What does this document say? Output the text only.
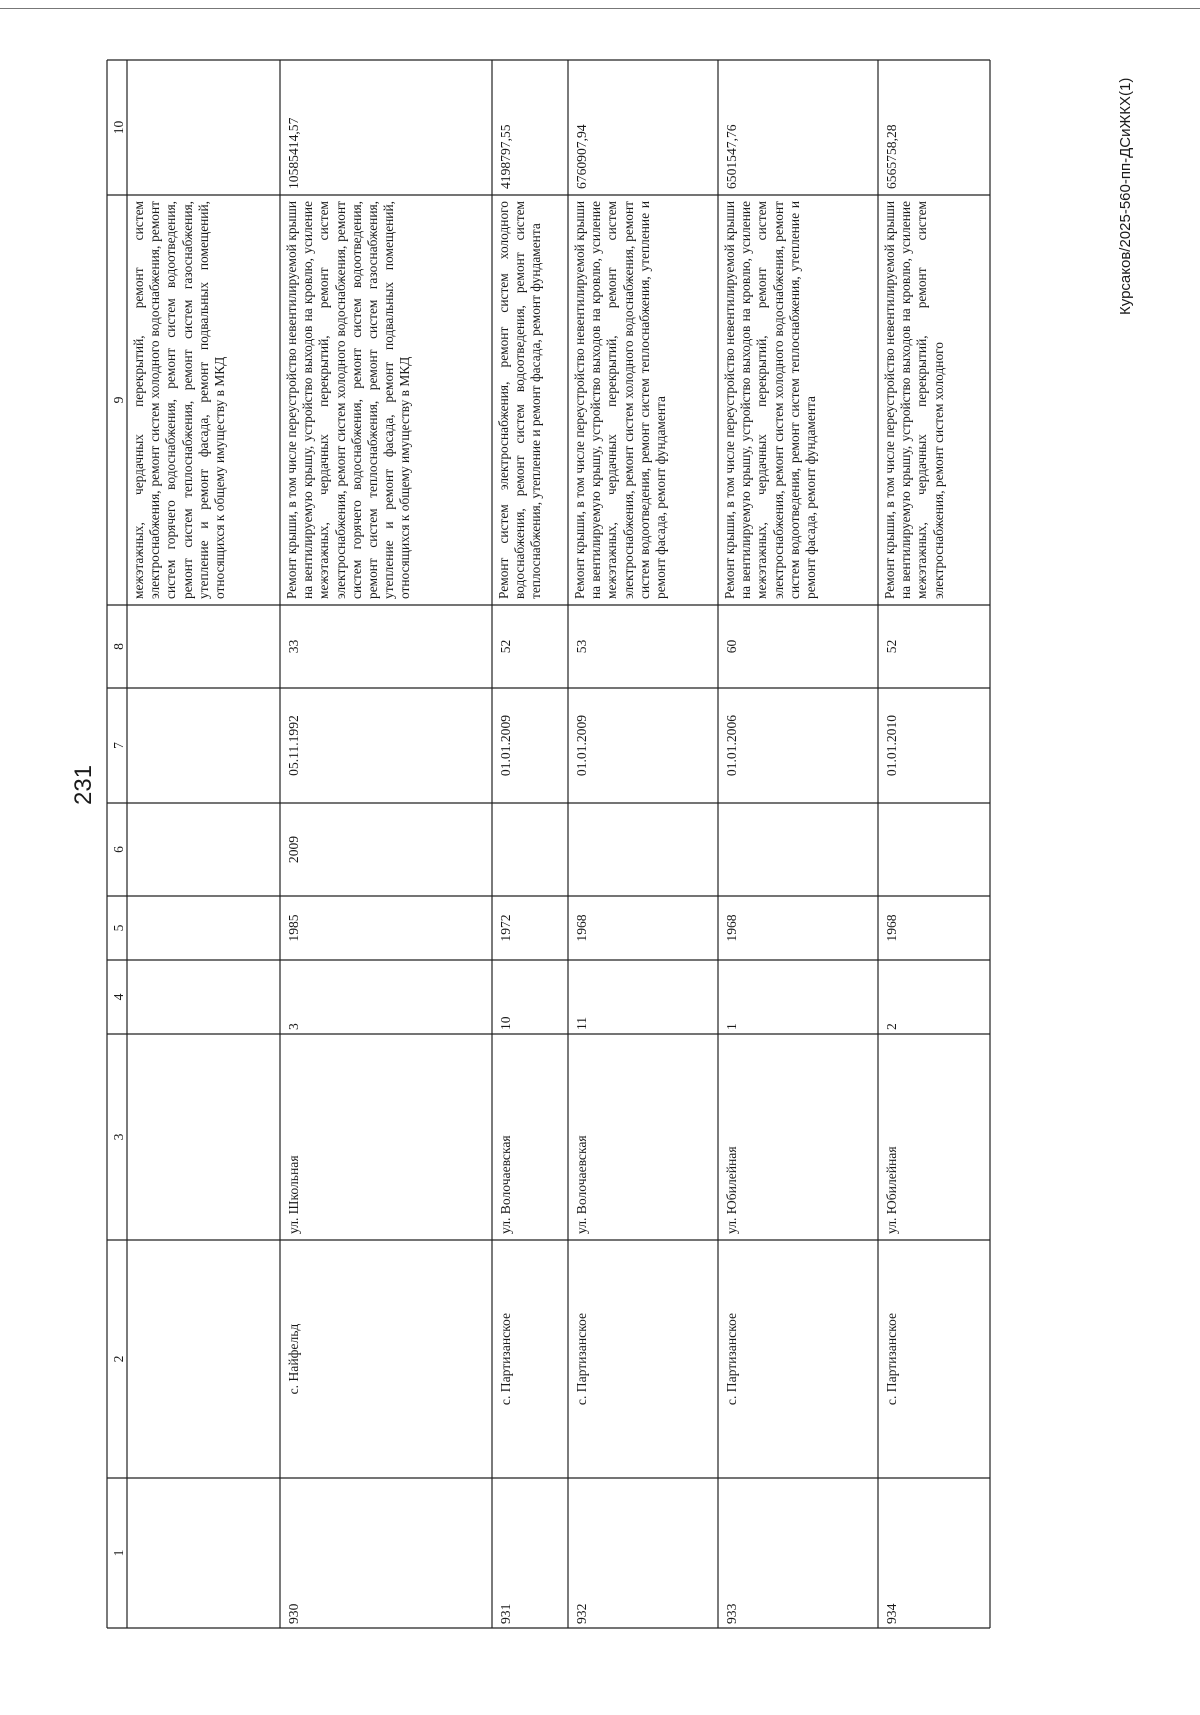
231
Курсаков/2025-560-пп-ДСиЖКХ(1)
1
2
3
4
5
6
7
8
9
10
межэтажных, чердачных перекрытий, ремонт систем электроснабжения, ремонт систем холодного водоснабжения, ремонт систем горячего водоснабжения, ремонт систем водоотведения, ремонт систем теплоснабжения, ремонт систем газоснабжения, утепление и ремонт фасада, ремонт подвальных помещений, относящихся к общему имуществу в МКД
930
с. Найфельд
ул. Школьная
3
1985
2009
05.11.1992
33
Ремонт крыши, в том числе переустройство невентилируемой крыши на вентилируемую крышу, устройство выходов на кровлю, усиление межэтажных, чердачных перекрытий, ремонт систем электроснабжения, ремонт систем холодного водоснабжения, ремонт систем горячего водоснабжения, ремонт систем водоотведения, ремонт систем теплоснабжения, ремонт систем газоснабжения, утепление и ремонт фасада, ремонт подвальных помещений, относящихся к общему имуществу в МКД
10585414,57
931
с. Партизанское
ул. Волочаевская
10
1972
01.01.2009
52
Ремонт систем электроснабжения, ремонт систем холодного водоснабжения, ремонт систем водоотведения, ремонт систем теплоснабжения, утепление и ремонт фасада, ремонт фундамента
4198797,55
932
с. Партизанское
ул. Волочаевская
11
1968
01.01.2009
53
Ремонт крыши, в том числе переустройство невентилируемой крыши на вентилируемую крышу, устройство выходов на кровлю, усиление межэтажных, чердачных перекрытий, ремонт систем электроснабжения, ремонт систем холодного водоснабжения, ремонт систем водоотведения, ремонт систем теплоснабжения, утепление и ремонт фасада, ремонт фундамента
6760907,94
933
с. Партизанское
ул. Юбилейная
1
1968
01.01.2006
60
Ремонт крыши, в том числе переустройство невентилируемой крыши на вентилируемую крышу, устройство выходов на кровлю, усиление межэтажных, чердачных перекрытий, ремонт систем электроснабжения, ремонт систем холодного водоснабжения, ремонт систем водоотведения, ремонт систем теплоснабжения, утепление и ремонт фасада, ремонт фундамента
6501547,76
934
с. Партизанское
ул. Юбилейная
2
1968
01.01.2010
52
Ремонт крыши, в том числе переустройство невентилируемой крыши на вентилируемую крышу, устройство выходов на кровлю, усиление межэтажных, чердачных перекрытий, ремонт систем электроснабжения, ремонт систем холодного
6565758,28
